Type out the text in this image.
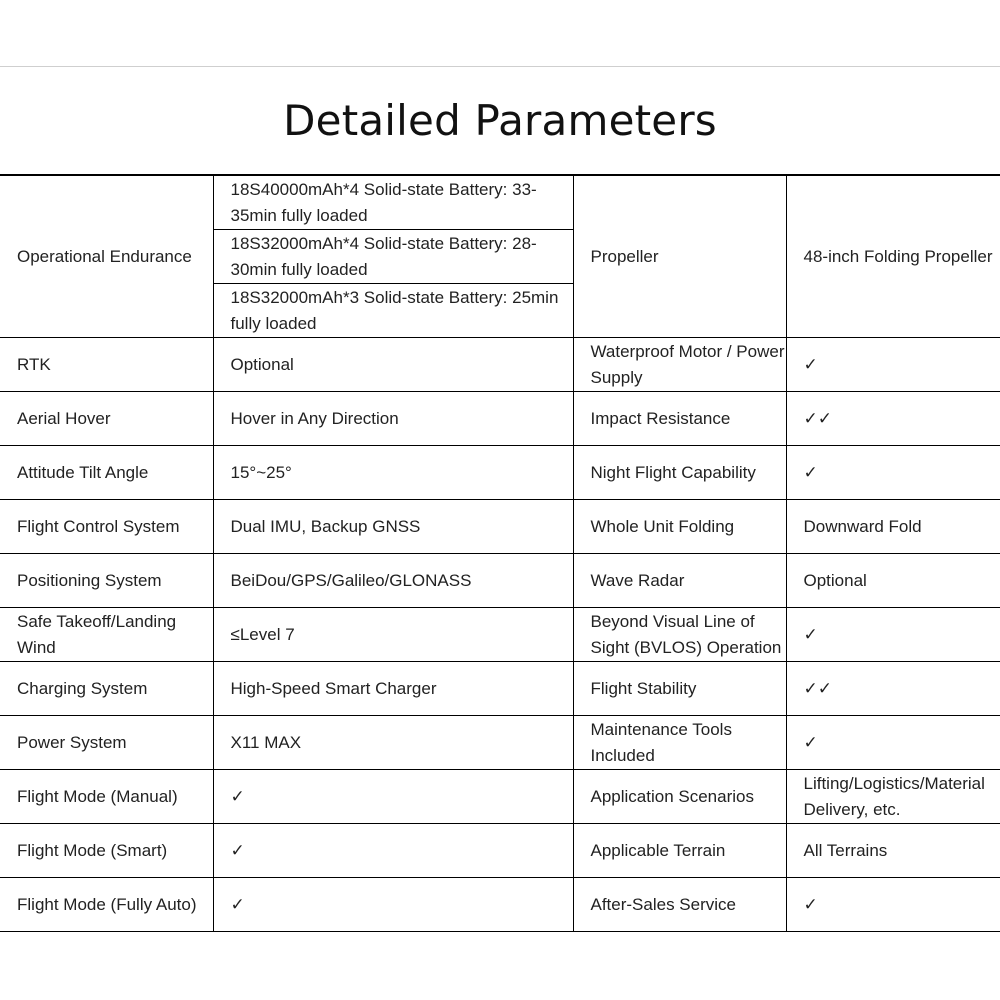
Detailed Parameters
Operational Endurance	18S40000mAh*4 Solid-state Battery: 33-35min fully loaded	Propeller	48-inch Folding Propeller
	18S32000mAh*4 Solid-state Battery: 28-30min fully loaded		
	18S32000mAh*3 Solid-state Battery: 25min fully loaded		
RTK	Optional	Waterproof Motor / Power Supply	✓
Aerial Hover	Hover in Any Direction	Impact Resistance	✓✓
Attitude Tilt Angle	15°~25°	Night Flight Capability	✓
Flight Control System	Dual IMU, Backup GNSS	Whole Unit Folding	Downward Fold
Positioning System	BeiDou/GPS/Galileo/GLONASS	Wave Radar	Optional
Safe Takeoff/Landing Wind	≤Level 7	Beyond Visual Line of Sight (BVLOS) Operation	✓
Charging System	High-Speed Smart Charger	Flight Stability	✓✓
Power System	X11 MAX	Maintenance Tools Included	✓
Flight Mode (Manual)	✓	Application Scenarios	Lifting/Logistics/Material Delivery, etc.
Flight Mode (Smart)	✓	Applicable Terrain	All Terrains
Flight Mode (Fully Auto)	✓	After-Sales Service	✓
